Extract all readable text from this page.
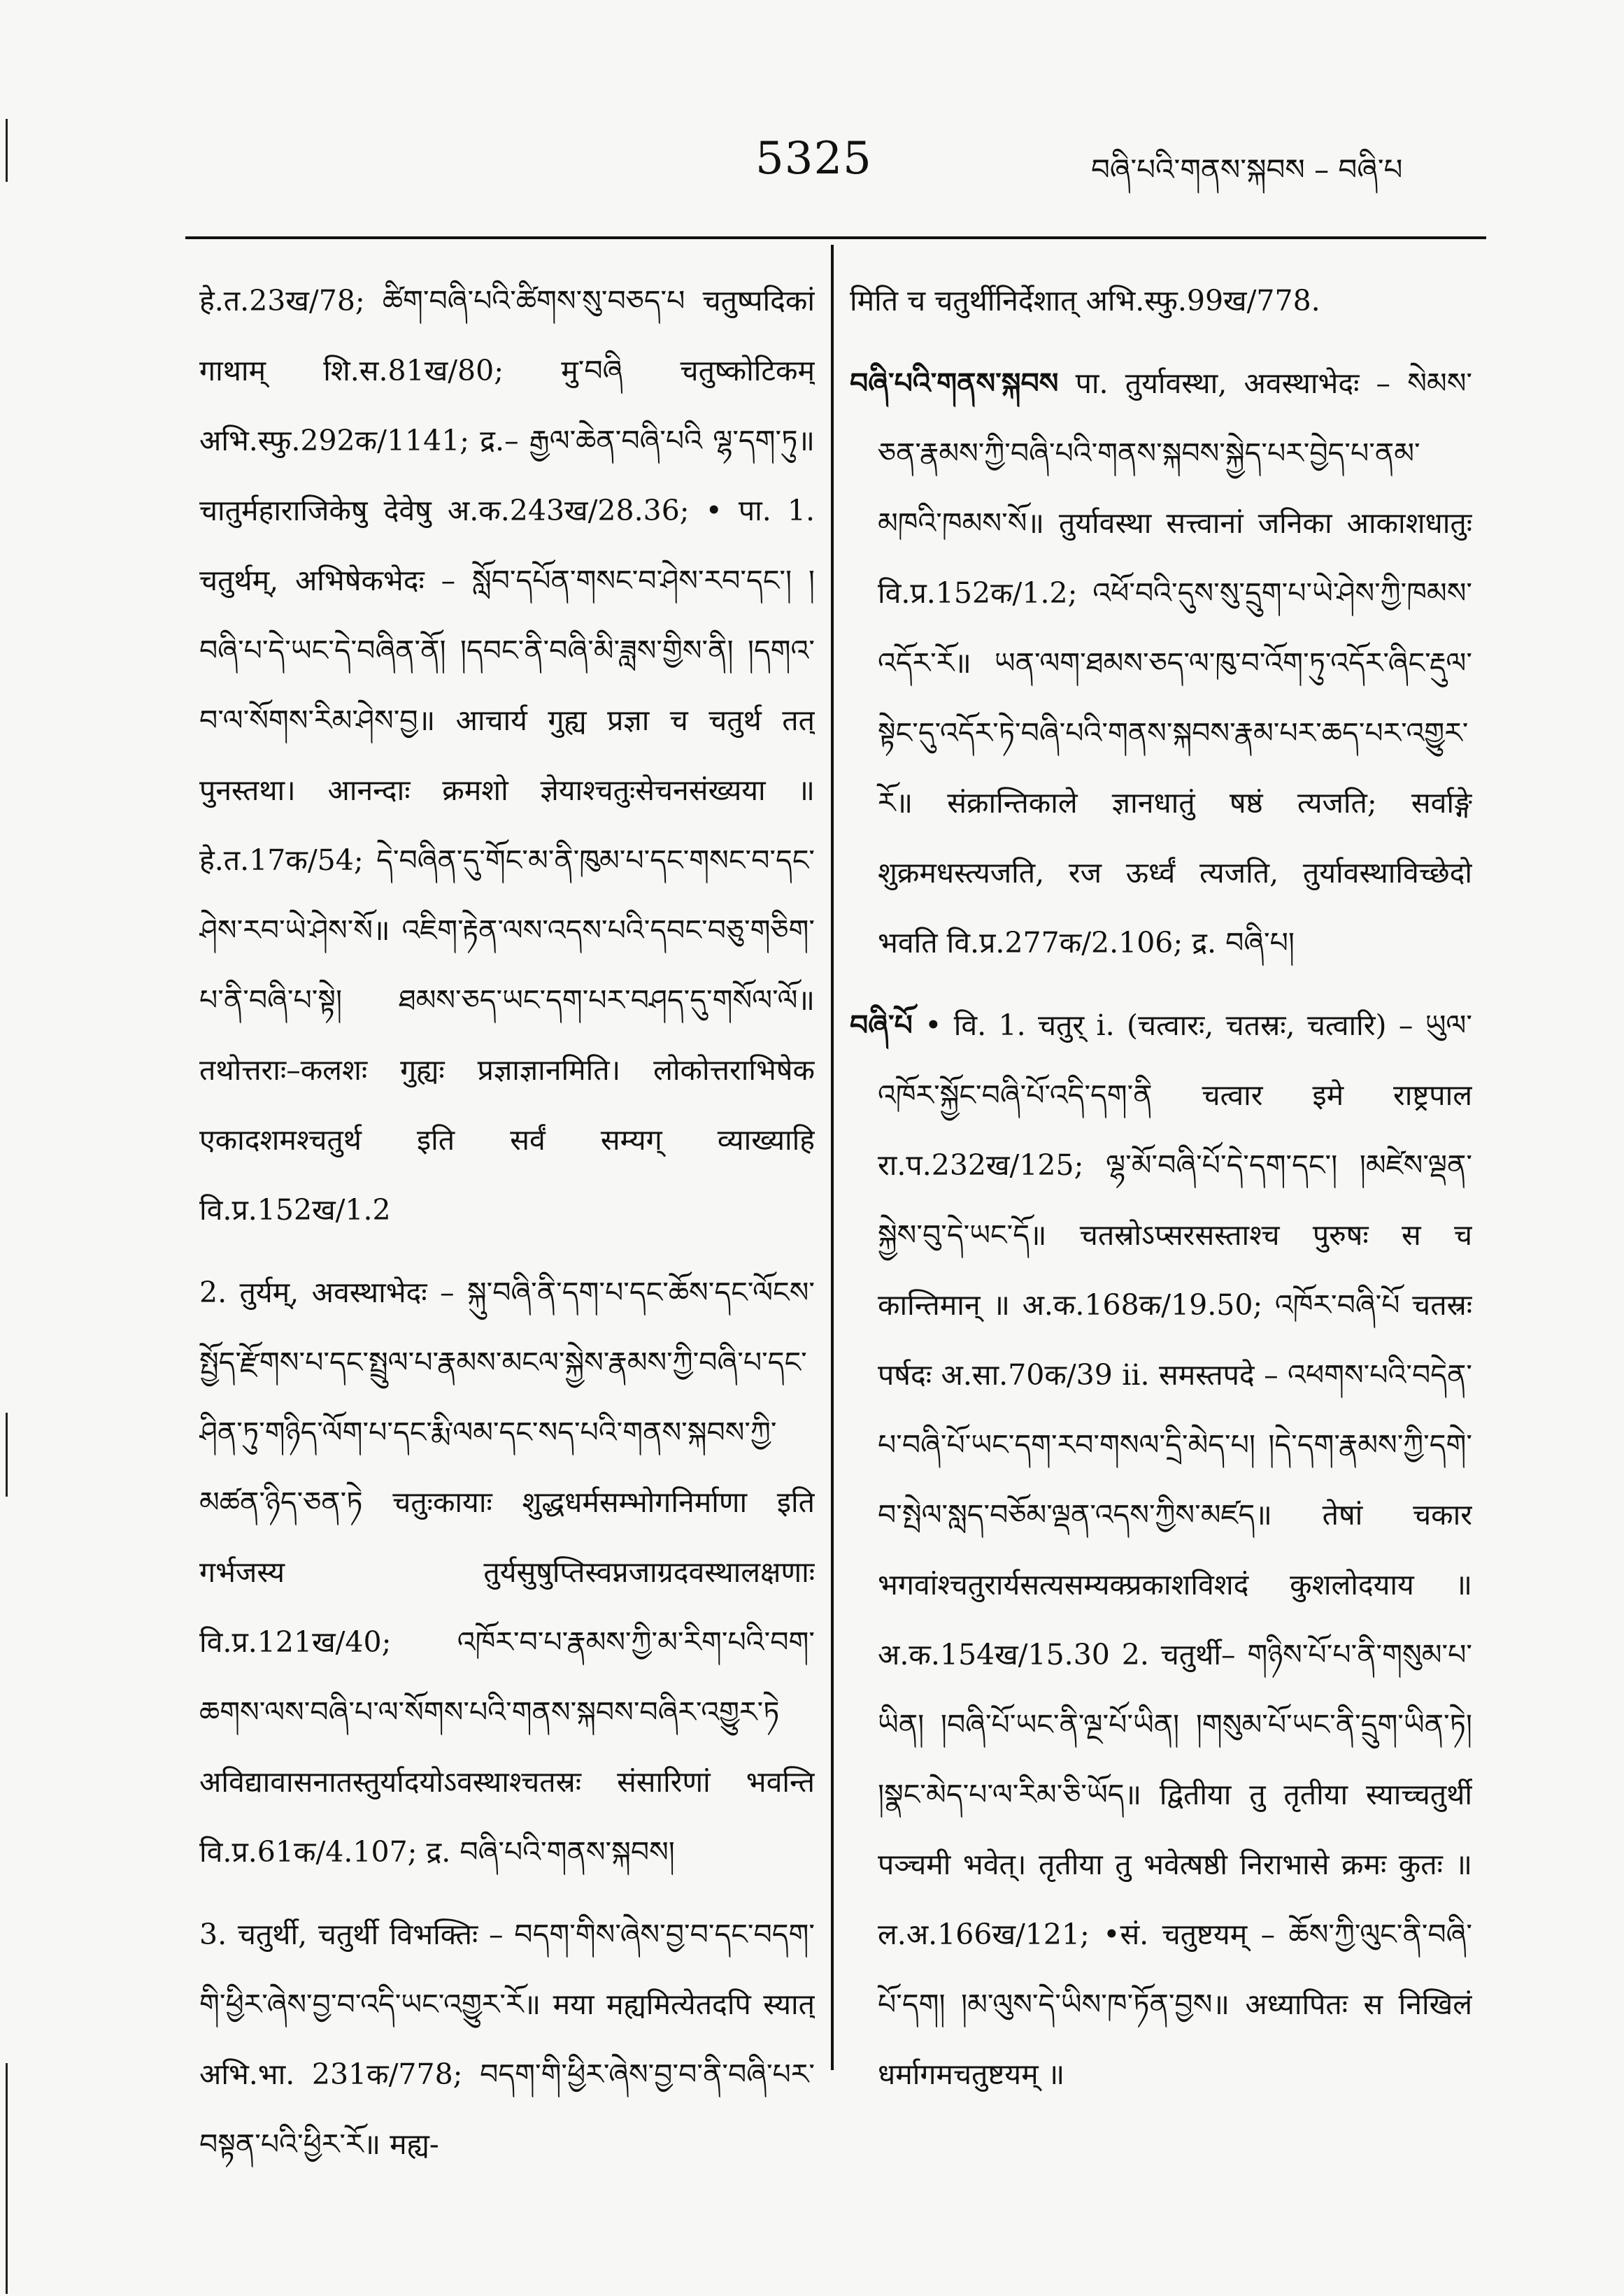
5325	བཞི་པའི་གནས་སྐབས – བཞི་པ

हे.त.23ख/78; ཚིག་བཞི་པའི་ཚིགས་སུ་བཅད་པ चतुष्पदिकां गाथाम् शि.स.81ख/80; मु་བཞི चतुष्कोटिकम् अभि.स्फु.292क/1141; द्र.– རྒྱལ་ཆེན་བཞི་པའི ལྷ་དག་ཏུ॥ चातुर्महाराजिकेषु देवेषु अ.क.243ख/28.36; • पा. 1. चतुर्थम्, अभिषेकभेदः – སློབ་དཔོན་གསང་བ་ཤེས་རབ་དང་། །བཞི་པ་དེ་ཡང་དེ་བཞིན་ནོ། །དབང་ནི་བཞི་མི་ཟླས་གྱིས་ནི། །དགའ་བ་ལ་སོགས་རིམ་ཤེས་བྱ॥ आचार्य गुह्य प्रज्ञा च चतुर्थ तत् पुनस्तथा। आनन्दाः क्रमशो ज्ञेयाश्चतुःसेचनसंख्यया ॥ हे.त.17क/54; དེ་བཞིན་དུ་གོང་མ་ནི་ཁུམ་པ་དང་གསང་བ་དང་ཤེས་རབ་ཡེ་ཤེས་སོ॥ འཇིག་རྟེན་ལས་འདས་པའི་དབང་བཅུ་གཅིག་པ་ནི་བཞི་པ་སྟེ། ཐམས་ཅད་ཡང་དག་པར་བཤད་དུ་གསོལ་ལོ॥ तथोत्तराः–कलशः गुह्यः प्रज्ञाज्ञानमिति। लोकोत्तराभिषेक एकादशमश्चतुर्थ इति सर्वं सम्यग् व्याख्याहि वि.प्र.152ख/1.2

2. तुर्यम्, अवस्थाभेदः – སྐུ་བཞི་ནི་དག་པ་དང་ཆོས་དང་ལོངས་སྤྱོད་རྫོགས་པ་དང་སྤྲུལ་པ་རྣམས་མངལ་སྐྱེས་རྣམས་ཀྱི་བཞི་པ་དང་ཤིན་ཏུ་གཉིད་ལོག་པ་དང་རྨི་ལམ་དང་སད་པའི་གནས་སྐབས་ཀྱི་མཚན་ཉིད་ཅན་ཏེ चतुःकायाः शुद्धधर्मसम्भोगनिर्माणा इति गर्भजस्य तुर्यसुषुप्तिस्वप्नजाग्रदवस्थालक्षणाः वि.प्र.121ख/40; འཁོར་བ་པ་རྣམས་ཀྱི་མ་རིག་པའི་བག་ཆགས་ལས་བཞི་པ་ལ་སོགས་པའི་གནས་སྐབས་བཞིར་འགྱུར་ཏེ अविद्यावासनातस्तुर्यादयोऽवस्थाश्चतस्रः संसारिणां भवन्ति वि.प्र.61क/4.107; द्र. བཞི་པའི་གནས་སྐབས།

3. चतुर्थी, चतुर्थी विभक्तिः – བདག་གིས་ཞེས་བྱ་བ་དང་བདག་གི་ཕྱིར་ཞེས་བྱ་བ་འདི་ཡང་འགྱུར་རོ॥ मया मह्यमित्येतदपि स्यात् अभि.भा. 231क/778; བདག་གི་ཕྱིར་ཞེས་བྱ་བ་ནི་བཞི་པར་བསྟན་པའི་ཕྱིར་རོ॥ मह्य-

मिति च चतुर्थीनिर्देशात् अभि.स्फु.99ख/778.

བཞི་པའི་གནས་སྐབས पा. तुर्यावस्था, अवस्थाभेदः – སེམས་ཅན་རྣམས་ཀྱི་བཞི་པའི་གནས་སྐབས་སྐྱེད་པར་བྱེད་པ་ནམ་མཁའི་ཁམས་སོ॥ तुर्यावस्था सत्त्वानां जनिका आकाशधातुः वि.प्र.152क/1.2; འཕོ་བའི་དུས་སུ་དྲུག་པ་ཡེ་ཤེས་ཀྱི་ཁམས་འདོར་རོ॥ ཡན་ལག་ཐམས་ཅད་ལ་ཁུ་བ་འོག་ཏུ་འདོར་ཞིང་རྡུལ་སྟེང་དུ་འདོར་ཏེ་བཞི་པའི་གནས་སྐབས་རྣམ་པར་ཆད་པར་འགྱུར་རོ॥ संक्रान्तिकाले ज्ञानधातुं षष्ठं त्यजति; सर्वाङ्गे शुक्रमधस्त्यजति, रज ऊर्ध्वं त्यजति, तुर्यावस्थाविच्छेदो भवति वि.प्र.277क/2.106; द्र. བཞི་པ།

བཞི་པོ • वि. 1. चतुर् i. (चत्वारः, चतस्रः, चत्वारि) – ཡུལ་འཁོར་སྐྱོང་བཞི་པོ་འདི་དག་ནི चत्वार इमे राष्ट्रपाल रा.प.232ख/125; ལྷ་མོ་བཞི་པོ་དེ་དག་དང་། །མཛེས་ལྡན་སྐྱེས་བུ་དེ་ཡང་དོ॥ चतस्रोऽप्सरसस्ताश्च पुरुषः स च कान्तिमान् ॥ अ.क.168क/19.50; འཁོར་བཞི་པོ चतस्रः पर्षदः अ.सा.70क/39 ii. समस्तपदे – འཕགས་པའི་བདེན་པ་བཞི་པོ་ཡང་དག་རབ་གསལ་དྲི་མེད་པ། །དེ་དག་རྣམས་ཀྱི་དགེ་བ་སྤེལ་སླད་བཅོམ་ལྡན་འདས་ཀྱིས་མཛད॥ तेषां चकार भगवांश्चतुरार्यसत्यसम्यक्प्रकाशविशदं कुशलोदयाय ॥ अ.क.154ख/15.30 2. चतुर्थी– གཉིས་པོ་པ་ནི་གསུམ་པ་ཡིན། །བཞི་པོ་ཡང་ནི་ལྔ་པོ་ཡིན། །གསུམ་པོ་ཡང་ནི་དྲུག་ཡིན་ཏེ། །སྣང་མེད་པ་ལ་རིམ་ཅི་ཡོད॥ द्वितीया तु तृतीया स्याच्चतुर्थी पञ्चमी भवेत्। तृतीया तु भवेत्षष्ठी निराभासे क्रमः कुतः ॥ ल.अ.166ख/121; •सं. चतुष्टयम् – ཆོས་ཀྱི་ལུང་ནི་བཞི་པོ་དག། །མ་ལུས་དེ་ཡིས་ཁ་ཏོན་བྱས॥ अध्यापितः स निखिलं धर्मागमचतुष्टयम् ॥
